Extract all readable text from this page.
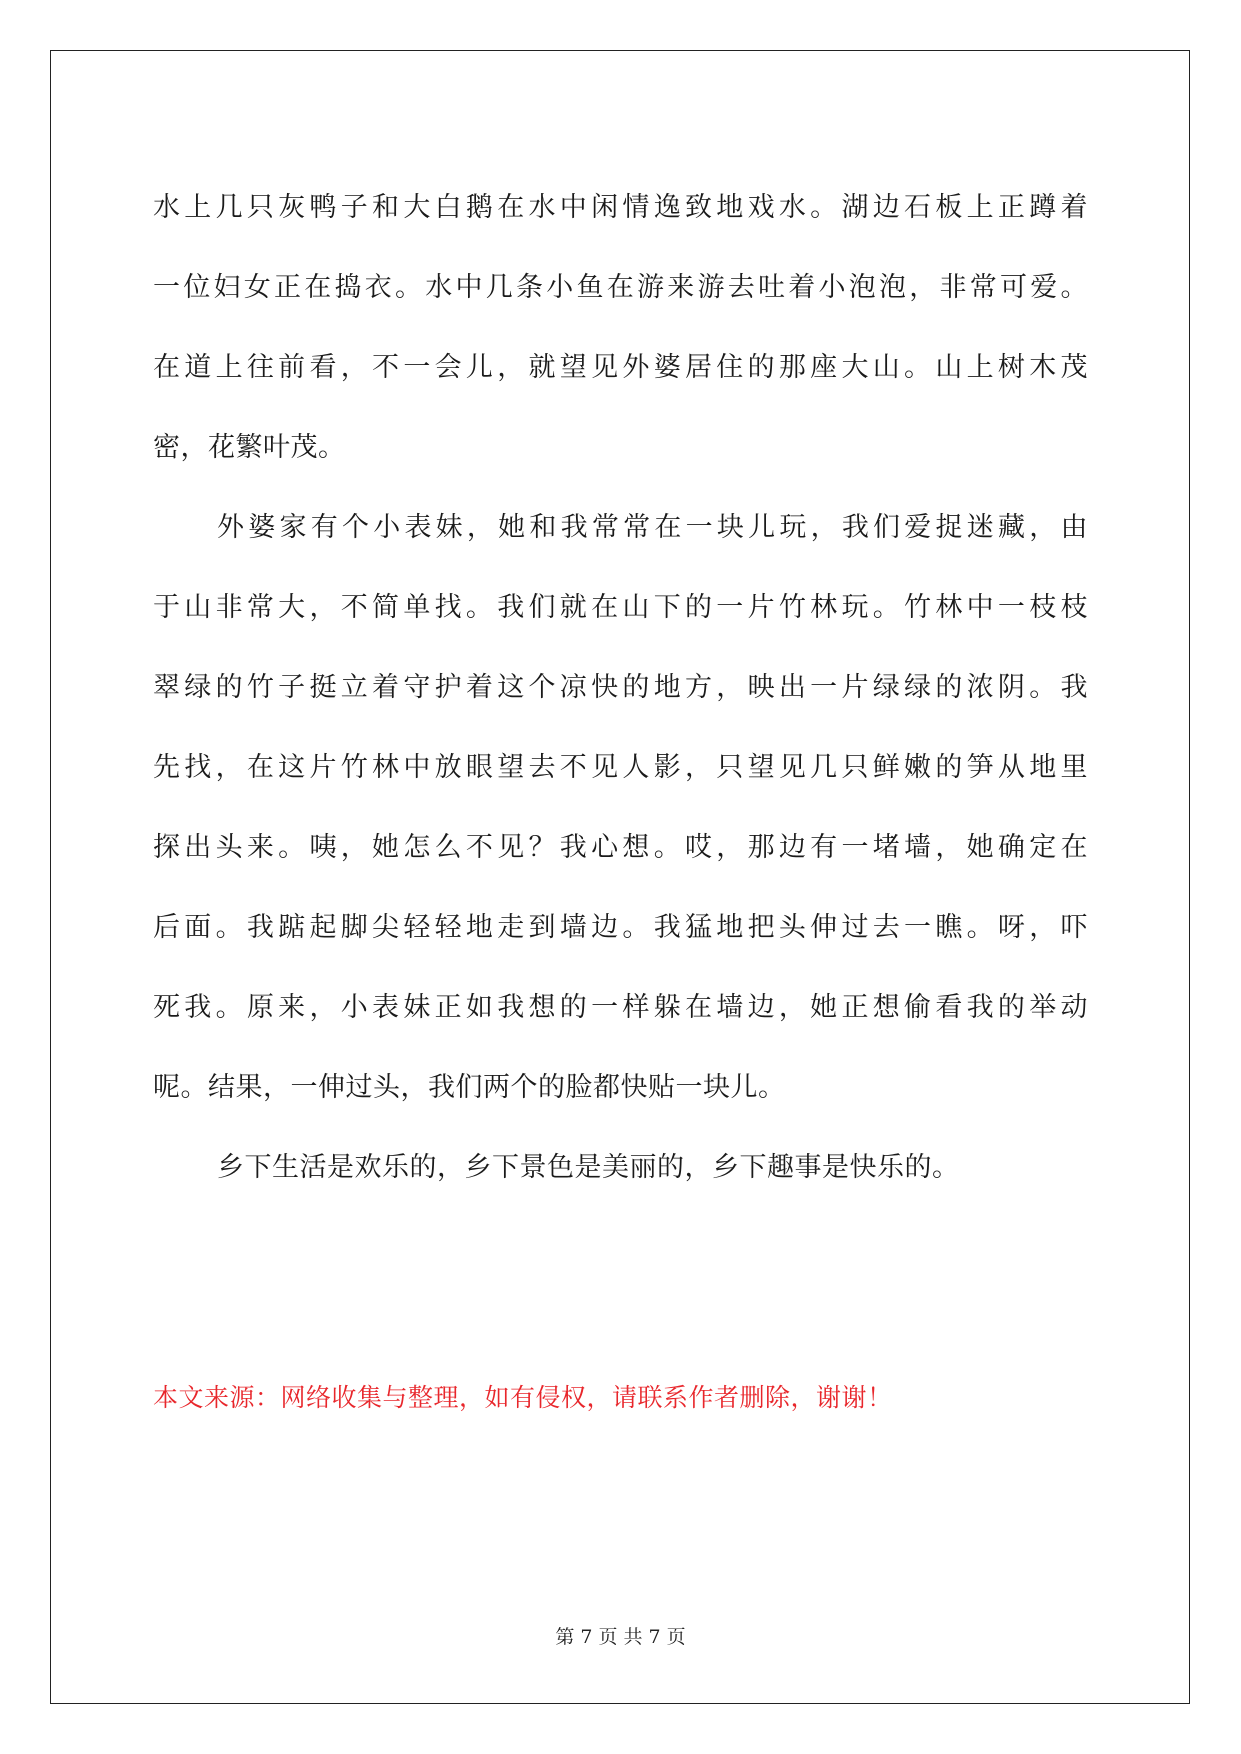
水上几只灰鸭子和大白鹅在水中闲情逸致地戏水。湖边石板上正蹲着
一位妇女正在捣衣。水中几条小鱼在游来游去吐着小泡泡，非常可爱。
在道上往前看，不一会儿，就望见外婆居住的那座大山。山上树木茂
密，花繁叶茂。
外婆家有个小表妹，她和我常常在一块儿玩，我们爱捉迷藏，由
于山非常大，不简单找。我们就在山下的一片竹林玩。竹林中一枝枝
翠绿的竹子挺立着守护着这个凉快的地方，映出一片绿绿的浓阴。我
先找，在这片竹林中放眼望去不见人影，只望见几只鲜嫩的笋从地里
探出头来。咦，她怎么不见？我心想。哎，那边有一堵墙，她确定在
后面。我踮起脚尖轻轻地走到墙边。我猛地把头伸过去一瞧。呀，吓
死我。原来，小表妹正如我想的一样躲在墙边，她正想偷看我的举动
呢。结果，一伸过头，我们两个的脸都快贴一块儿。
乡下生活是欢乐的，乡下景色是美丽的，乡下趣事是快乐的。
本文来源：网络收集与整理，如有侵权，请联系作者删除，谢谢！
第 7 页 共 7 页
